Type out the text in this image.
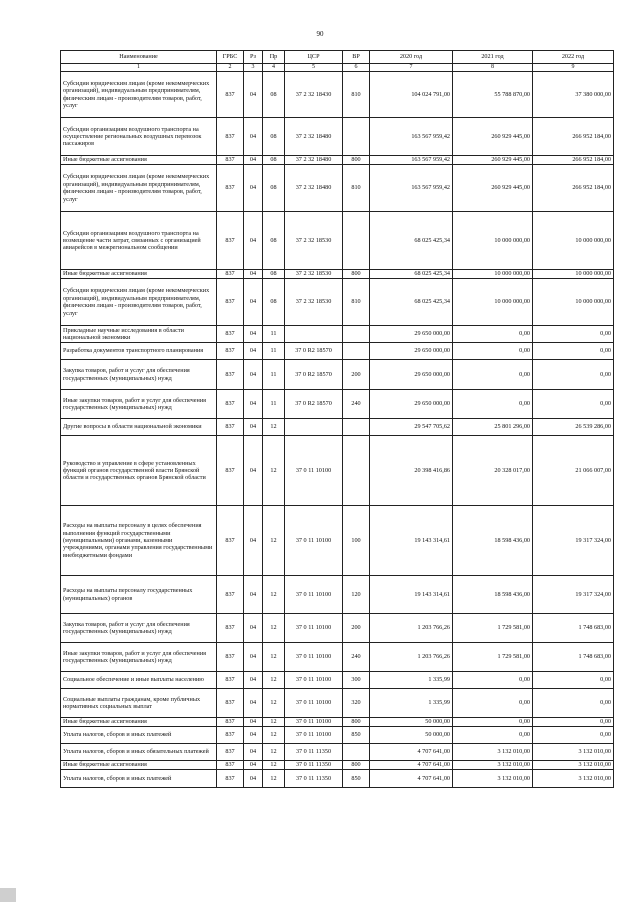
90
Наименование	ГРБС	Рз	Пр	ЦСР	ВР	2020 год	2021 год	2022 год
1	2	3	4	5	6	7	8	9
Субсидии юридическим лицам (кроме некоммерческих организаций), индивидуальным предпринимателям, физическим лицам - производителям товаров, работ, услуг	837	04	08	37 2 32 18430	810	104 024 791,00	55 788 870,00	37 380 000,00
Субсидии организациям воздушного транспорта на осуществление региональных воздушных перевозок пассажиров	837	04	08	37 2 32 18480		163 567 959,42	260 929 445,00	266 952 184,00
Иные бюджетные ассигнования	837	04	08	37 2 32 18480	800	163 567 959,42	260 929 445,00	266 952 184,00
Субсидии юридическим лицам (кроме некоммерческих организаций), индивидуальным предпринимателям, физическим лицам - производителям товаров, работ, услуг	837	04	08	37 2 32 18480	810	163 567 959,42	260 929 445,00	266 952 184,00
Субсидии организациям воздушного транспорта на возмещение части затрат, связанных с организацией авиарейсов в межрегиональном сообщении	837	04	08	37 2 32 18530		68 025 425,34	10 000 000,00	10 000 000,00
Иные бюджетные ассигнования	837	04	08	37 2 32 18530	800	68 025 425,34	10 000 000,00	10 000 000,00
Субсидии юридическим лицам (кроме некоммерческих организаций), индивидуальным предпринимателям, физическим лицам - производителям товаров, работ, услуг	837	04	08	37 2 32 18530	810	68 025 425,34	10 000 000,00	10 000 000,00
Прикладные научные исследования в области национальной экономики	837	04	11			29 650 000,00	0,00	0,00
Разработка документов транспортного планирования	837	04	11	37 0 R2 18570		29 650 000,00	0,00	0,00
Закупка товаров, работ и услуг для обеспечения государственных (муниципальных) нужд	837	04	11	37 0 R2 18570	200	29 650 000,00	0,00	0,00
Иные закупки товаров, работ и услуг для обеспечения государственных (муниципальных) нужд	837	04	11	37 0 R2 18570	240	29 650 000,00	0,00	0,00
Другие вопросы в области национальной экономики	837	04	12			29 547 705,62	25 801 296,00	26 539 286,00
Руководство и управление в сфере установленных функций органов государственной власти Брянской области и государственных органов Брянской области	837	04	12	37 0 11 10100		20 398 416,86	20 328 017,00	21 066 007,00
Расходы на выплаты персоналу в целях обеспечения выполнения функций государственными (муниципальными) органами, казенными учреждениями, органами управления государственными внебюджетными фондами	837	04	12	37 0 11 10100	100	19 143 314,61	18 598 436,00	19 317 324,00
Расходы на выплаты персоналу государственных (муниципальных) органов	837	04	12	37 0 11 10100	120	19 143 314,61	18 598 436,00	19 317 324,00
Закупка товаров, работ и услуг для обеспечения государственных (муниципальных) нужд	837	04	12	37 0 11 10100	200	1 203 766,26	1 729 581,00	1 748 683,00
Иные закупки товаров, работ и услуг для обеспечения государственных (муниципальных) нужд	837	04	12	37 0 11 10100	240	1 203 766,26	1 729 581,00	1 748 683,00
Социальное обеспечение и иные выплаты населению	837	04	12	37 0 11 10100	300	1 335,99	0,00	0,00
Социальные выплаты гражданам, кроме публичных нормативных социальных выплат	837	04	12	37 0 11 10100	320	1 335,99	0,00	0,00
Иные бюджетные ассигнования	837	04	12	37 0 11 10100	800	50 000,00	0,00	0,00
Уплата налогов, сборов и иных платежей	837	04	12	37 0 11 10100	850	50 000,00	0,00	0,00
Уплата налогов, сборов и иных обязательных платежей	837	04	12	37 0 11 11350		4 707 641,00	3 132 010,00	3 132 010,00
Иные бюджетные ассигнования	837	04	12	37 0 11 11350	800	4 707 641,00	3 132 010,00	3 132 010,00
Уплата налогов, сборов и иных платежей	837	04	12	37 0 11 11350	850	4 707 641,00	3 132 010,00	3 132 010,00
